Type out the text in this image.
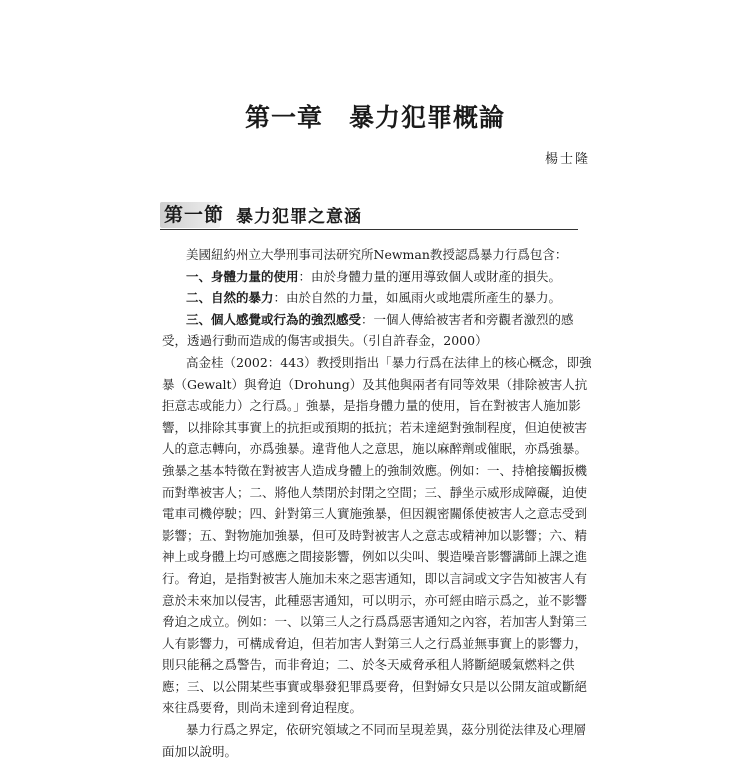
第一章　暴力犯罪概論
楊士隆
第一節 暴力犯罪之意涵

美國紐約州立大學刑事司法研究所Newman教授認爲暴力行爲包含：

一、身體力量的使用：由於身體力量的運用導致個人或財產的損失。

二、自然的暴力：由於自然的力量，如風雨火或地震所產生的暴力。

三、個人感覺或行為的強烈感受：一個人傳給被害者和旁觀者激烈的感受，透過行動而造成的傷害或損失。（引自許春金，2000）

高金桂（2002：443）教授則指出「暴力行爲在法律上的核心概念，即強暴（Gewalt）與脅迫（Drohung）及其他與兩者有同等效果（排除被害人抗拒意志或能力）之行爲。」強暴，是指身體力量的使用，旨在對被害人施加影響，以排除其事實上的抗拒或預期的抵抗；若未達絕對強制程度，但迫使被害人的意志轉向，亦爲強暴。違背他人之意思，施以麻醉劑或催眠，亦爲強暴。強暴之基本特徵在對被害人造成身體上的強制效應。例如：一、持槍接觸扳機而對準被害人；二、將他人禁閉於封閉之空間；三、靜坐示威形成障礙，迫使電車司機停駛；四、針對第三人實施強暴，但因親密關係使被害人之意志受到影響；五、對物施加強暴，但可及時對被害人之意志或精神加以影響；六、精神上或身體上均可感應之間接影響，例如以尖叫、製造噪音影響講師上課之進行。脅迫，是指對被害人施加未來之惡害通知，即以言詞或文字告知被害人有意於未來加以侵害，此種惡害通知，可以明示，亦可經由暗示爲之，並不影響脅迫之成立。例如：一、以第三人之行爲爲惡害通知之內容，若加害人對第三人有影響力，可構成脅迫，但若加害人對第三人之行爲並無事實上的影響力，則只能稱之爲警告，而非脅迫；二、於冬天威脅承租人將斷絕暖氣燃料之供應；三、以公開某些事實或舉發犯罪爲要脅，但對婦女只是以公開友誼或斷絕來往爲要脅，則尚未達到脅迫程度。

暴力行爲之界定，依研究領域之不同而呈現差異，茲分別從法律及心理層面加以說明。
